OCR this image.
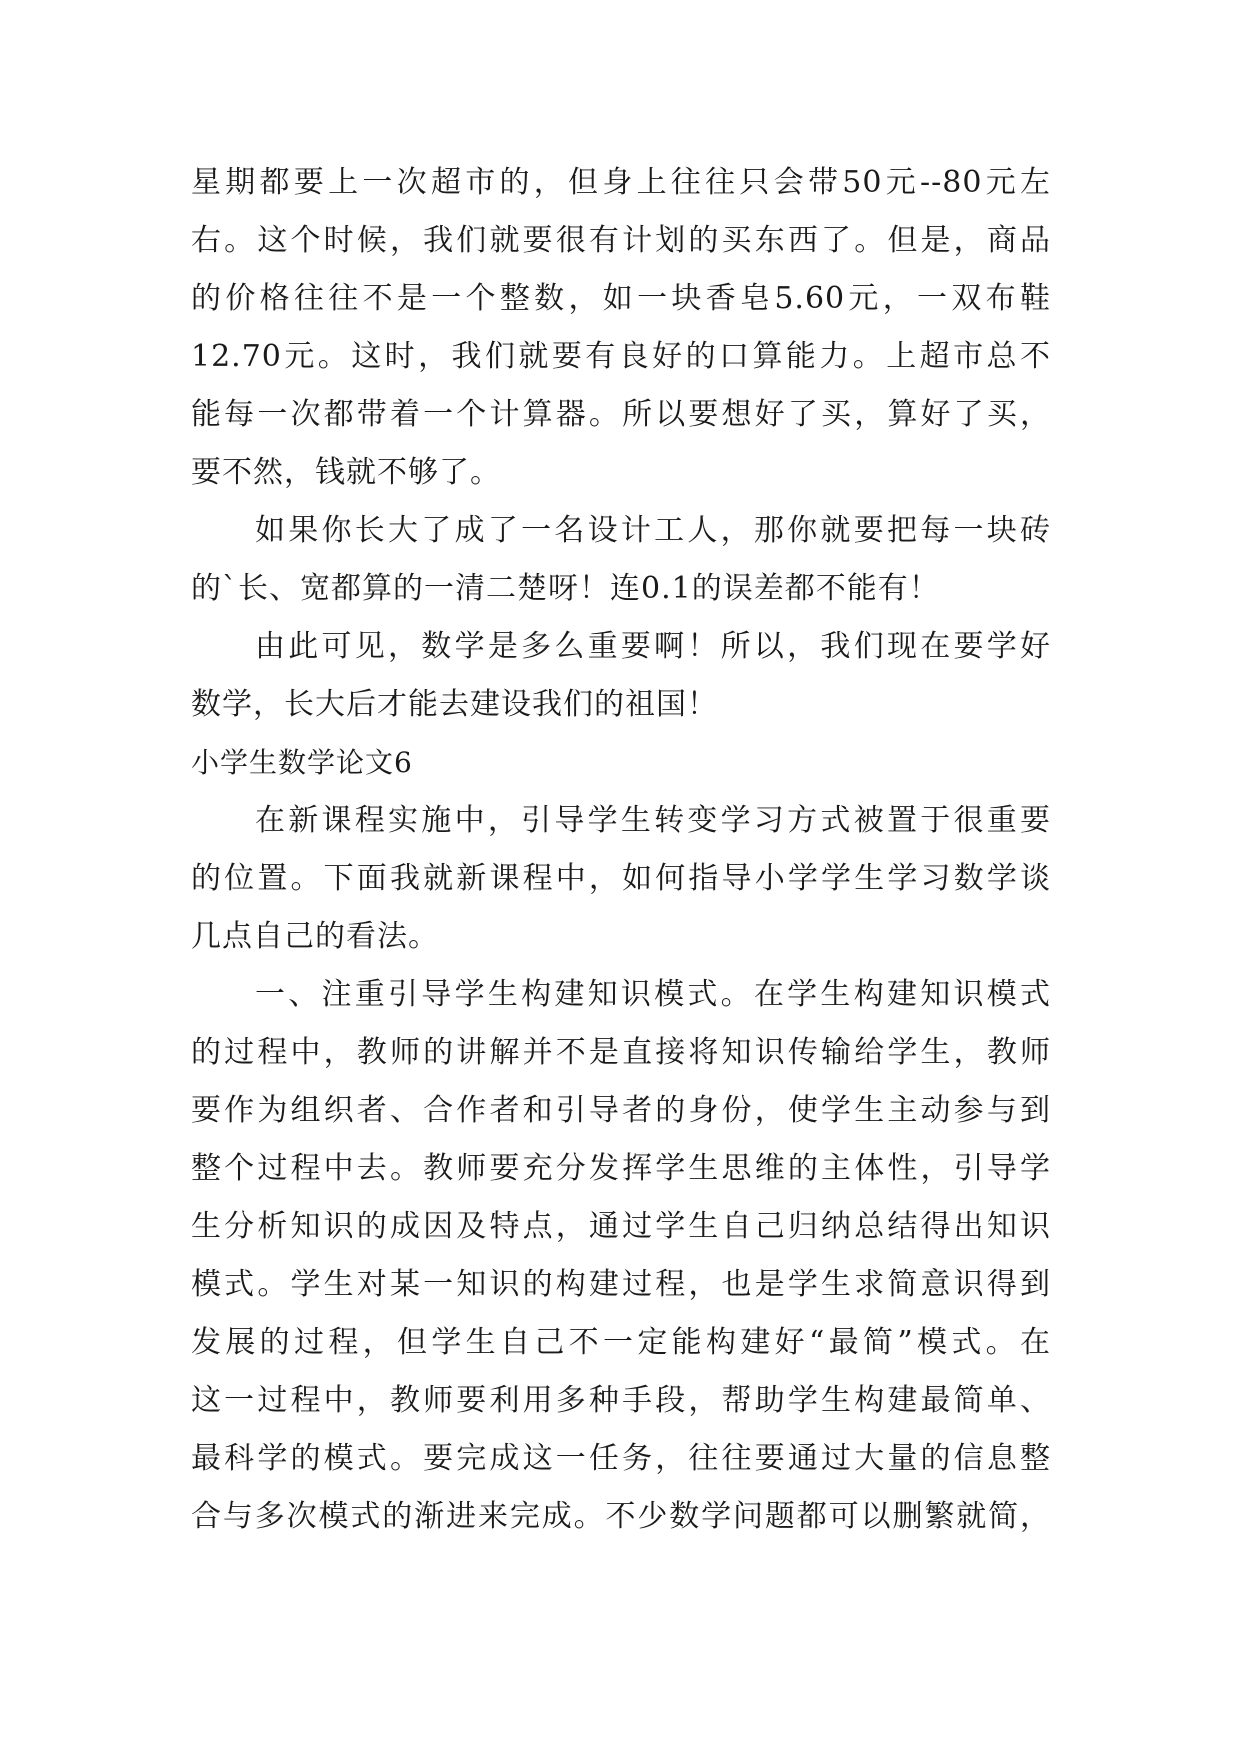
星期都要上一次超市的，但身上往往只会带50元--80元左
右。这个时候，我们就要很有计划的买东西了。但是，商品
的价格往往不是一个整数，如一块香皂5.60元，一双布鞋
12.70元。这时，我们就要有良好的口算能力。上超市总不
能每一次都带着一个计算器。所以要想好了买，算好了买，
要不然，钱就不够了。
如果你长大了成了一名设计工人，那你就要把每一块砖
的`长、宽都算的一清二楚呀！连0.1的误差都不能有！
由此可见，数学是多么重要啊！所以，我们现在要学好
数学，长大后才能去建设我们的祖国！
小学生数学论文6
在新课程实施中，引导学生转变学习方式被置于很重要
的位置。下面我就新课程中，如何指导小学学生学习数学谈
几点自己的看法。
一、注重引导学生构建知识模式。在学生构建知识模式
的过程中，教师的讲解并不是直接将知识传输给学生，教师
要作为组织者、合作者和引导者的身份，使学生主动参与到
整个过程中去。教师要充分发挥学生思维的主体性，引导学
生分析知识的成因及特点，通过学生自己归纳总结得出知识
模式。学生对某一知识的构建过程，也是学生求简意识得到
发展的过程，但学生自己不一定能构建好“最简”模式。在
这一过程中，教师要利用多种手段，帮助学生构建最简单、
最科学的模式。要完成这一任务，往往要通过大量的信息整
合与多次模式的渐进来完成。不少数学问题都可以删繁就简，
